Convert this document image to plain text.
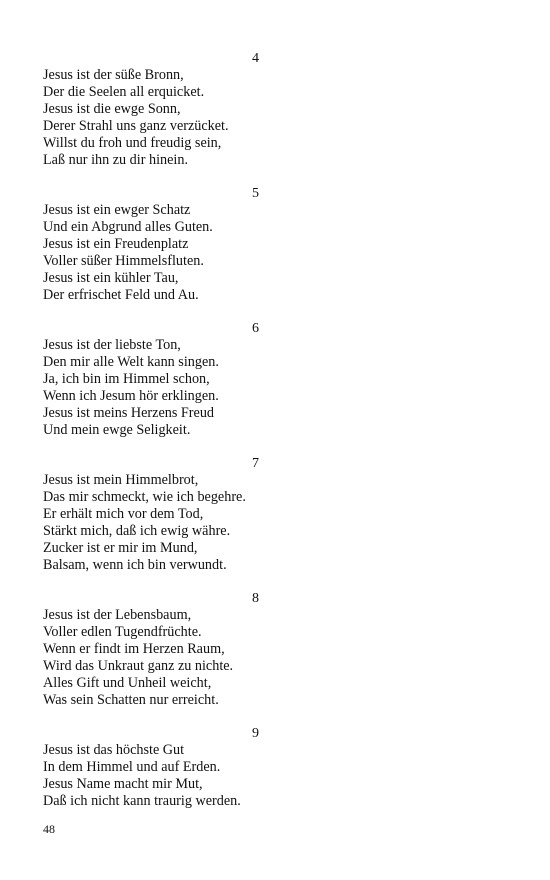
4
Jesus ist der süße Bronn,
Der die Seelen all erquicket.
Jesus ist die ewge Sonn,
Derer Strahl uns ganz verzücket.
Willst du froh und freudig sein,
Laß nur ihn zu dir hinein.
5
Jesus ist ein ewger Schatz
Und ein Abgrund alles Guten.
Jesus ist ein Freudenplatz
Voller süßer Himmelsfluten.
Jesus ist ein kühler Tau,
Der erfrischet Feld und Au.
6
Jesus ist der liebste Ton,
Den mir alle Welt kann singen.
Ja, ich bin im Himmel schon,
Wenn ich Jesum hör erklingen.
Jesus ist meins Herzens Freud
Und mein ewge Seligkeit.
7
Jesus ist mein Himmelbrot,
Das mir schmeckt, wie ich begehre.
Er erhält mich vor dem Tod,
Stärkt mich, daß ich ewig währe.
Zucker ist er mir im Mund,
Balsam, wenn ich bin verwundt.
8
Jesus ist der Lebensbaum,
Voller edlen Tugendfrüchte.
Wenn er findt im Herzen Raum,
Wird das Unkraut ganz zu nichte.
Alles Gift und Unheil weicht,
Was sein Schatten nur erreicht.
9
Jesus ist das höchste Gut
In dem Himmel und auf Erden.
Jesus Name macht mir Mut,
Daß ich nicht kann traurig werden.
48
